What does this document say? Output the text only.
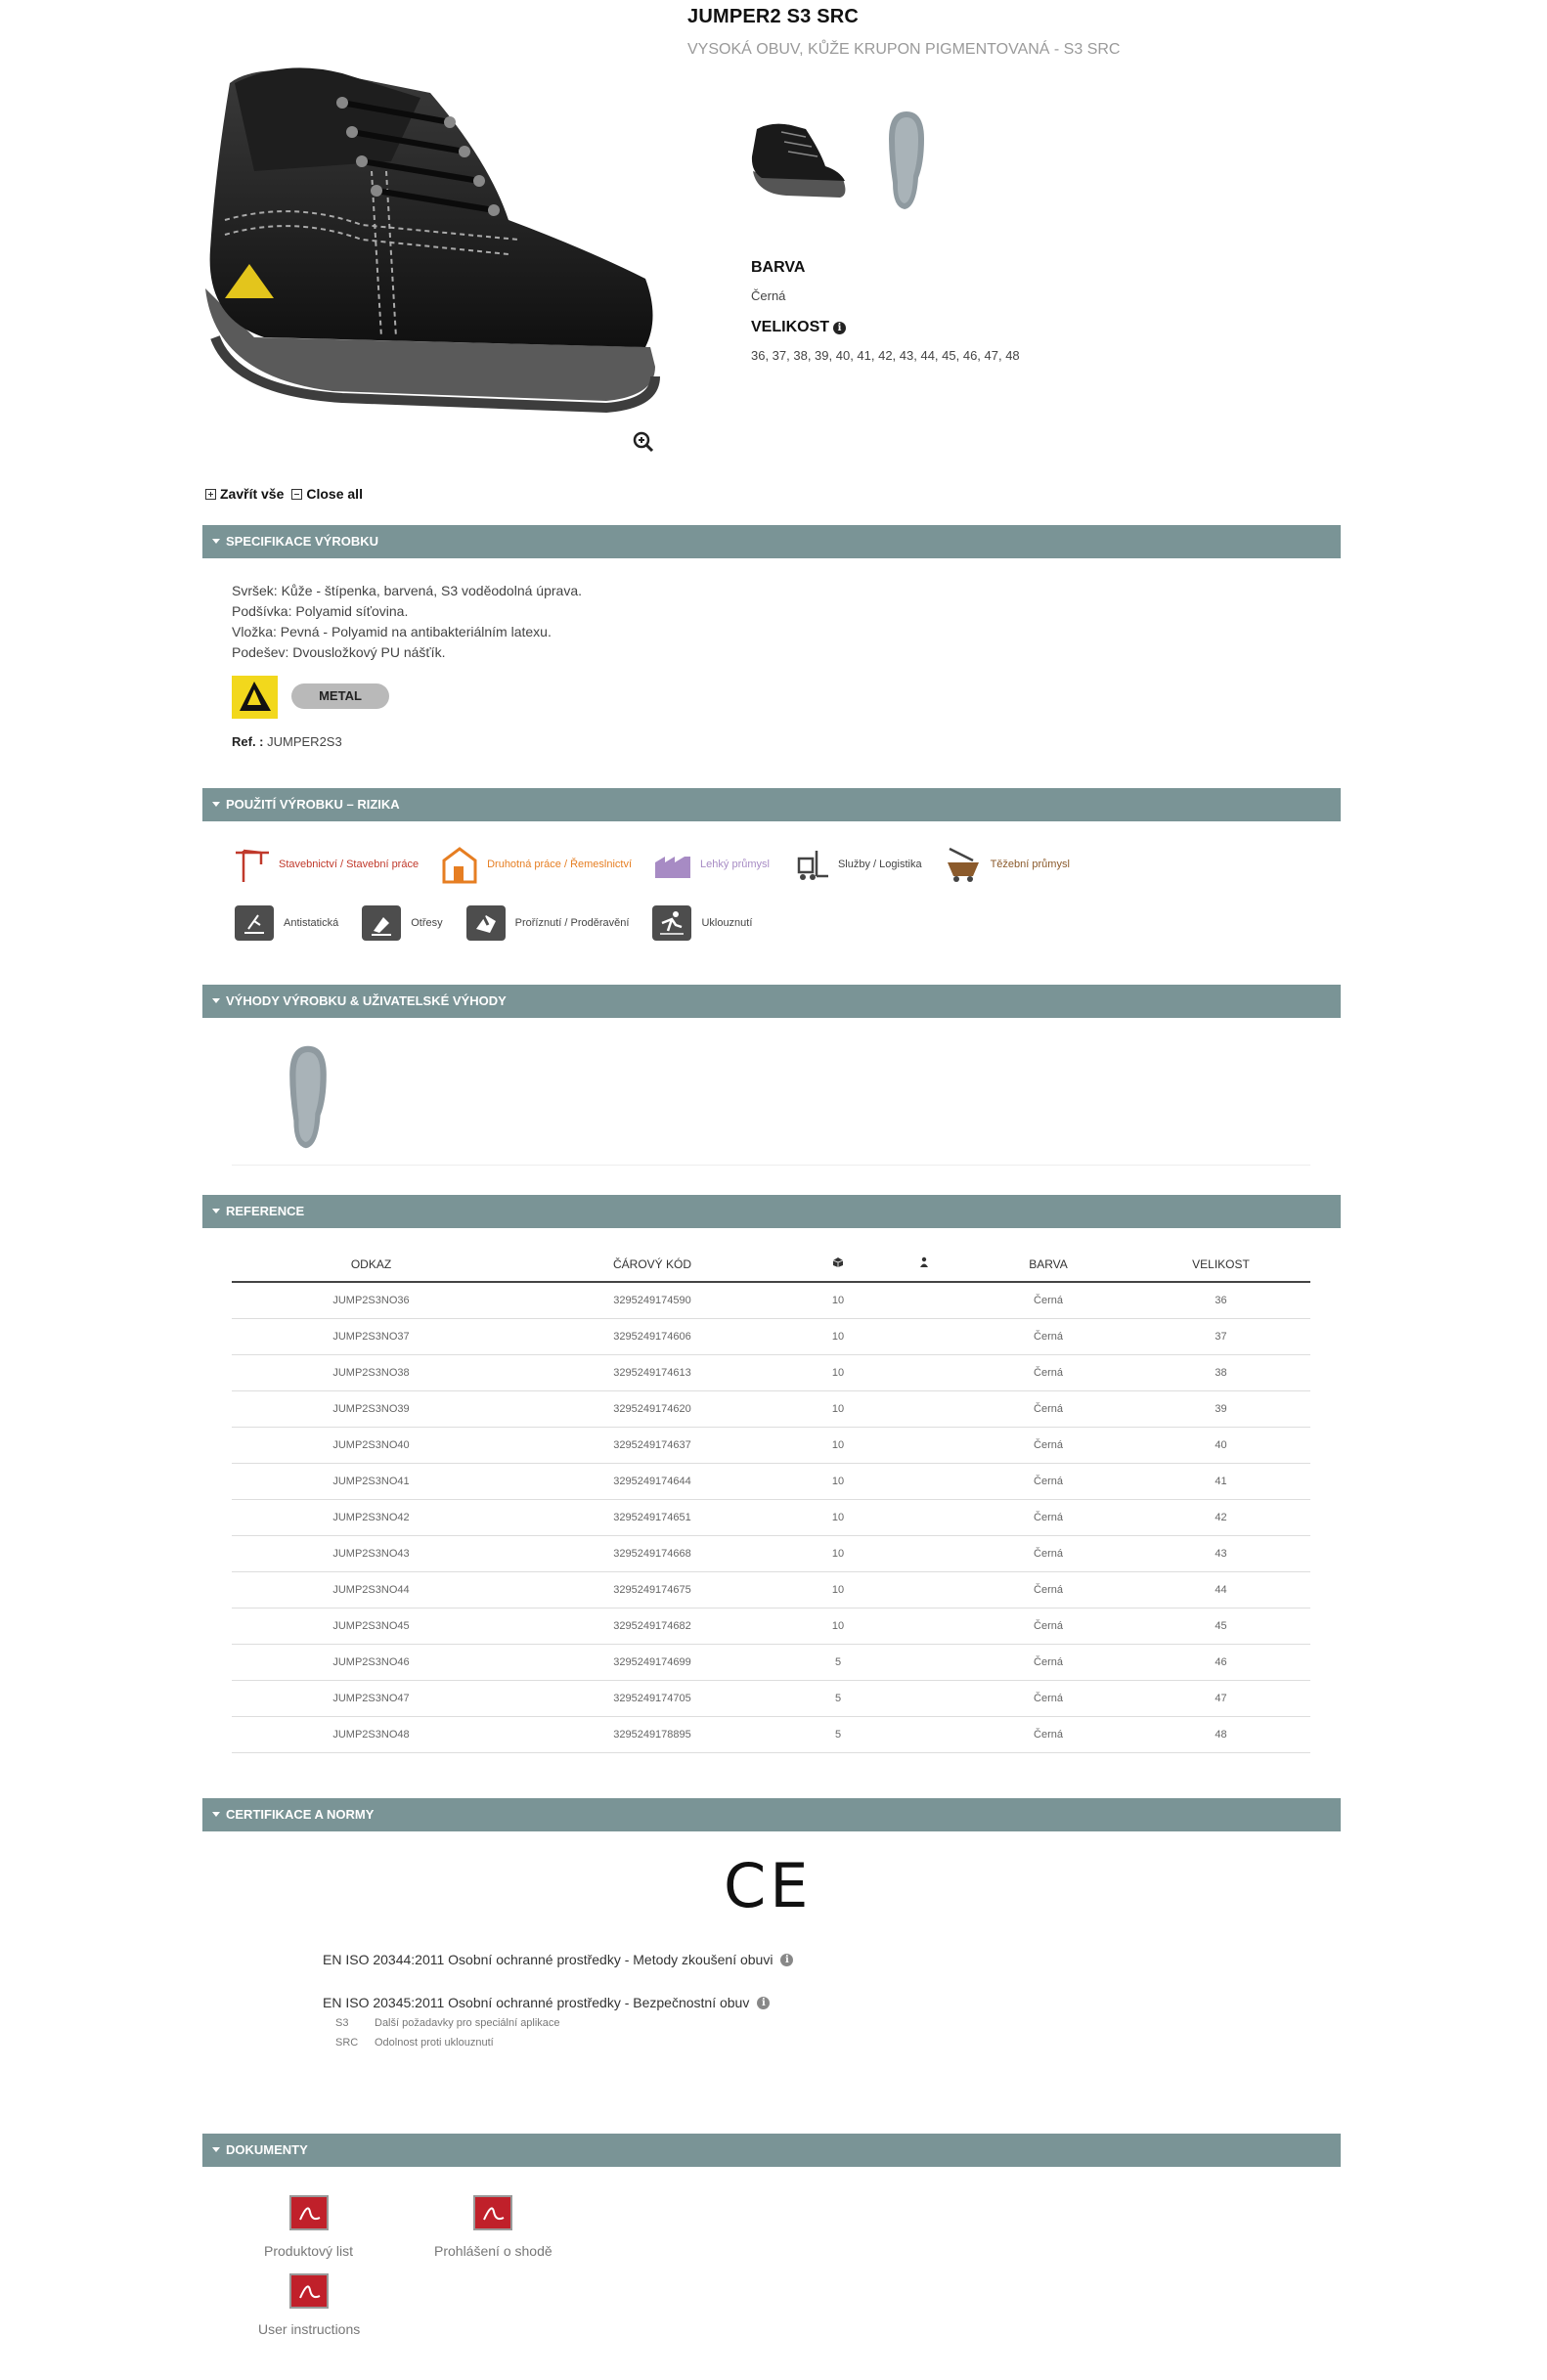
JUMPER2 S3 SRC
VYSOKÁ OBUV, KŮŽE KRUPON PIGMENTOVANÁ - S3 SRC
BARVA
Černá
VELIKOST i
36, 37, 38, 39, 40, 41, 42, 43, 44, 45, 46, 47, 48
Zavřít vše Close all
SPECIFIKACE VÝROBKU
Svršek: Kůže - štípenka, barvená, S3 voděodolná úprava.
Podšívka: Polyamid síťovina.
Vložka: Pevná - Polyamid na antibakteriálním latexu.
Podešev: Dvousložkový PU nášťík.
METAL
Ref. : JUMPER2S3
POUŽITÍ VÝROBKU – RIZIKA
Stavebnictví / Stavební práce	Druhotná práce / Řemeslnictví	Lehký průmysl	Služby / Logistika	Těžební průmysl
Antistatická	Otřesy	Proříznutí / Proděravění	Uklouznutí
VÝHODY VÝROBKU & UŽIVATELSKÉ VÝHODY
REFERENCE
ODKAZ	ČÁROVÝ KÓD			BARVA	VELIKOST
JUMP2S3NO36	3295249174590	10		Černá	36
JUMP2S3NO37	3295249174606	10		Černá	37
JUMP2S3NO38	3295249174613	10		Černá	38
JUMP2S3NO39	3295249174620	10		Černá	39
JUMP2S3NO40	3295249174637	10		Černá	40
JUMP2S3NO41	3295249174644	10		Černá	41
JUMP2S3NO42	3295249174651	10		Černá	42
JUMP2S3NO43	3295249174668	10		Černá	43
JUMP2S3NO44	3295249174675	10		Černá	44
JUMP2S3NO45	3295249174682	10		Černá	45
JUMP2S3NO46	3295249174699	5		Černá	46
JUMP2S3NO47	3295249174705	5		Černá	47
JUMP2S3NO48	3295249178895	5		Černá	48
CERTIFIKACE A NORMY
CE
EN ISO 20344:2011 Osobní ochranné prostředky - Metody zkoušení obuvi	i
EN ISO 20345:2011 Osobní ochranné prostředky - Bezpečnostní obuv	i
S3	Další požadavky pro speciální aplikace
SRC Odolnost proti uklouznutí
DOKUMENTY
Produktový list	Prohlášení o shodě
User instructions
